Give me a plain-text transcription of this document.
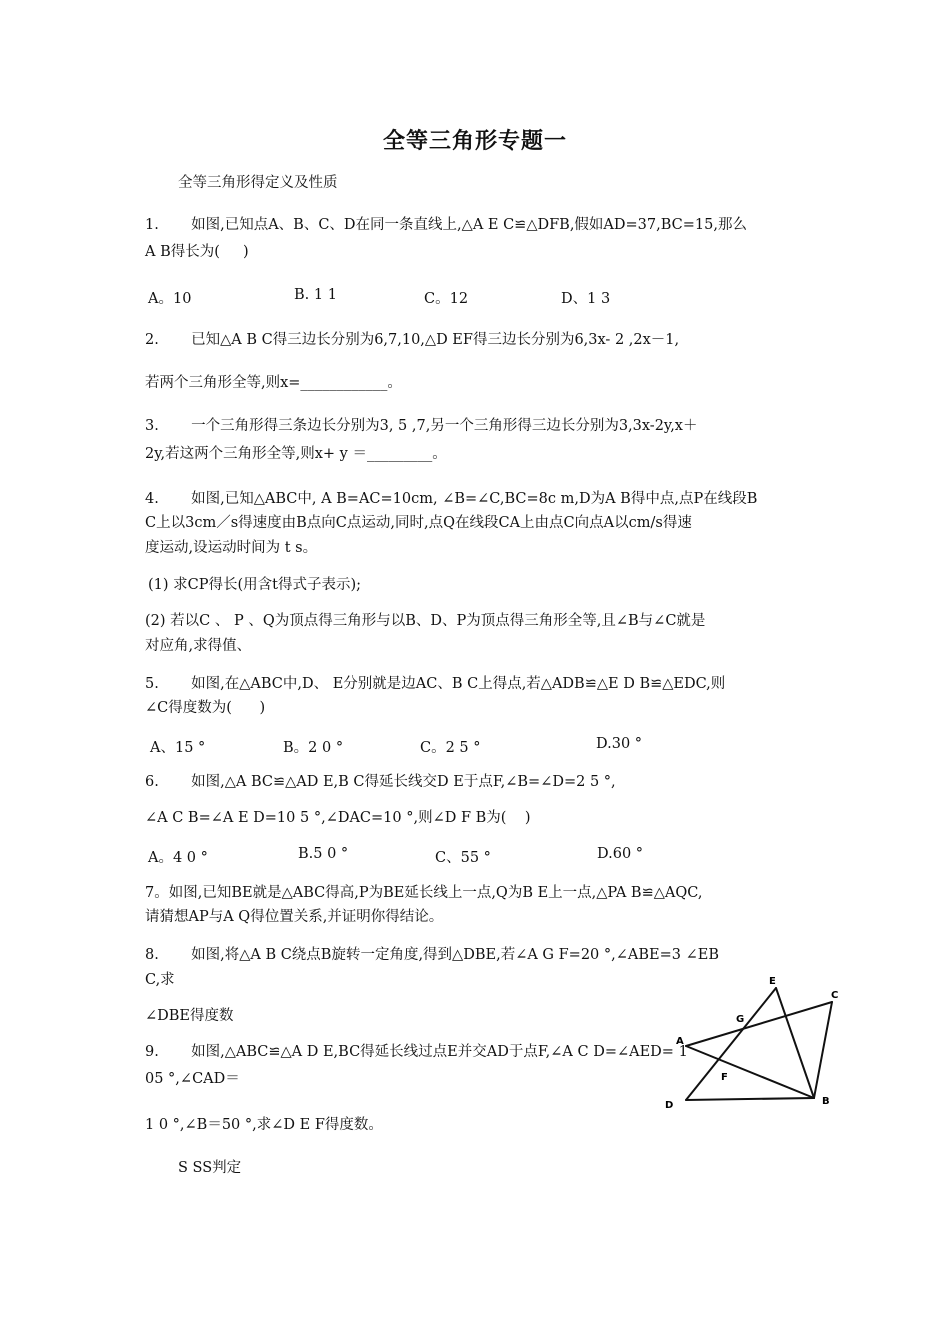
全等三角形专题一
全等三角形得定义及性质
1.       如图,已知点A、B、C、D在同一条直线上,△A E C≌△DFB,假如AD=37,BC=15,那么
A B得长为(     )
A。10	B. 1 1	C。12	D、1 3
2.       已知△A B C得三边长分别为6,7,10,△D EF得三边长分别为6,3x- 2 ,2x－1,
若两个三角形全等,则x=____________。
3.       一个三角形得三条边长分别为3, 5 ,7,另一个三角形得三边长分别为3,3x-2y,x＋
2y,若这两个三角形全等,则x+ y ＝_________。
4.       如图,已知△ABC中, A B=AC=10cm, ∠B=∠C,BC=8c m,D为A B得中点,点P在线段B
C上以3cm／s得速度由B点向C点运动,同时,点Q在线段CA上由点C向点A以cm/s得速
度运动,设运动时间为 t s。
(1) 求CP得长(用含t得式子表示);
(2) 若以C 、 P 、Q为顶点得三角形与以B、D、P为顶点得三角形全等,且∠B与∠C就是
对应角,求得值、
5.       如图,在△ABC中,D、 E分别就是边AC、B C上得点,若△ADB≌△E D B≌△EDC,则
∠C得度数为(      )
A、15 °	B。2 0 °	C。2 5 °	D.30 °
6.       如图,△A BC≌△AD E,B C得延长线交D E于点F,∠B=∠D=2 5 °,
∠A C B=∠A E D=10 5 °,∠DAC=10 °,则∠D F B为(    )
A。4 0 °	B.5 0 °	C、55 °	D.60 °
7。如图,已知BE就是△ABC得高,P为BE延长线上一点,Q为B E上一点,△PA B≌△AQC,
请猜想AP与A Q得位置关系,并证明你得结论。
8.       如图,将△A B C绕点B旋转一定角度,得到△DBE,若∠A G F=20 °,∠ABE=3 ∠EB
C,求
∠DBE得度数
9.       如图,△ABC≌△A D E,BC得延长线过点E并交AD于点F,∠A C D=∠AED= 1
05 °,∠CAD＝
1 0 °,∠B＝50 °,求∠D E F得度数。
S SS判定
E
C
G
A
F
D	B
